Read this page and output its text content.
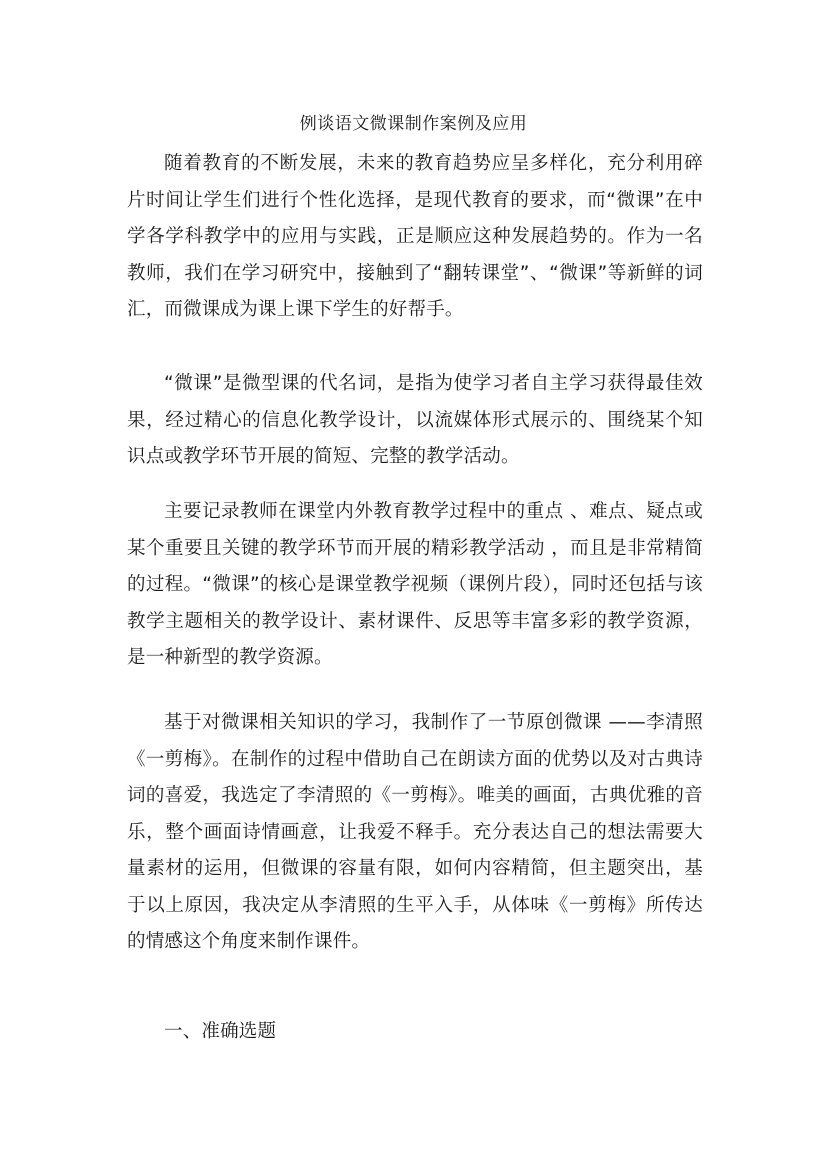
例谈语文微课制作案例及应用

随着教育的不断发展，未来的教育趋势应呈多样化，充分利用碎片时间让学生们进行个性化选择，是现代教育的要求，而“微课”在中学各学科教学中的应用与实践，正是顺应这种发展趋势的。作为一名教师，我们在学习研究中，接触到了“翻转课堂”、“微课”等新鲜的词汇，而微课成为课上课下学生的好帮手。

“微课”是微型课的代名词，是指为使学习者自主学习获得最佳效果，经过精心的信息化教学设计，以流媒体形式展示的、围绕某个知识点或教学环节开展的简短、完整的教学活动。

主要记录教师在课堂内外教育教学过程中的重点 、难点、疑点或某个重要且关键的教学环节而开展的精彩教学活动 ，而且是非常精简的过程。“微课”的核心是课堂教学视频（课例片段），同时还包括与该教学主题相关的教学设计、素材课件、反思等丰富多彩的教学资源，是一种新型的教学资源。

基于对微课相关知识的学习，我制作了一节原创微课 ——李清照《一剪梅》。在制作的过程中借助自己在朗读方面的优势以及对古典诗词的喜爱，我选定了李清照的《一剪梅》。唯美的画面，古典优雅的音乐，整个画面诗情画意，让我爱不释手。充分表达自己的想法需要大量素材的运用，但微课的容量有限，如何内容精简，但主题突出，基于以上原因，我决定从李清照的生平入手，从体味《一剪梅》所传达的情感这个角度来制作课件。

一、准确选题
